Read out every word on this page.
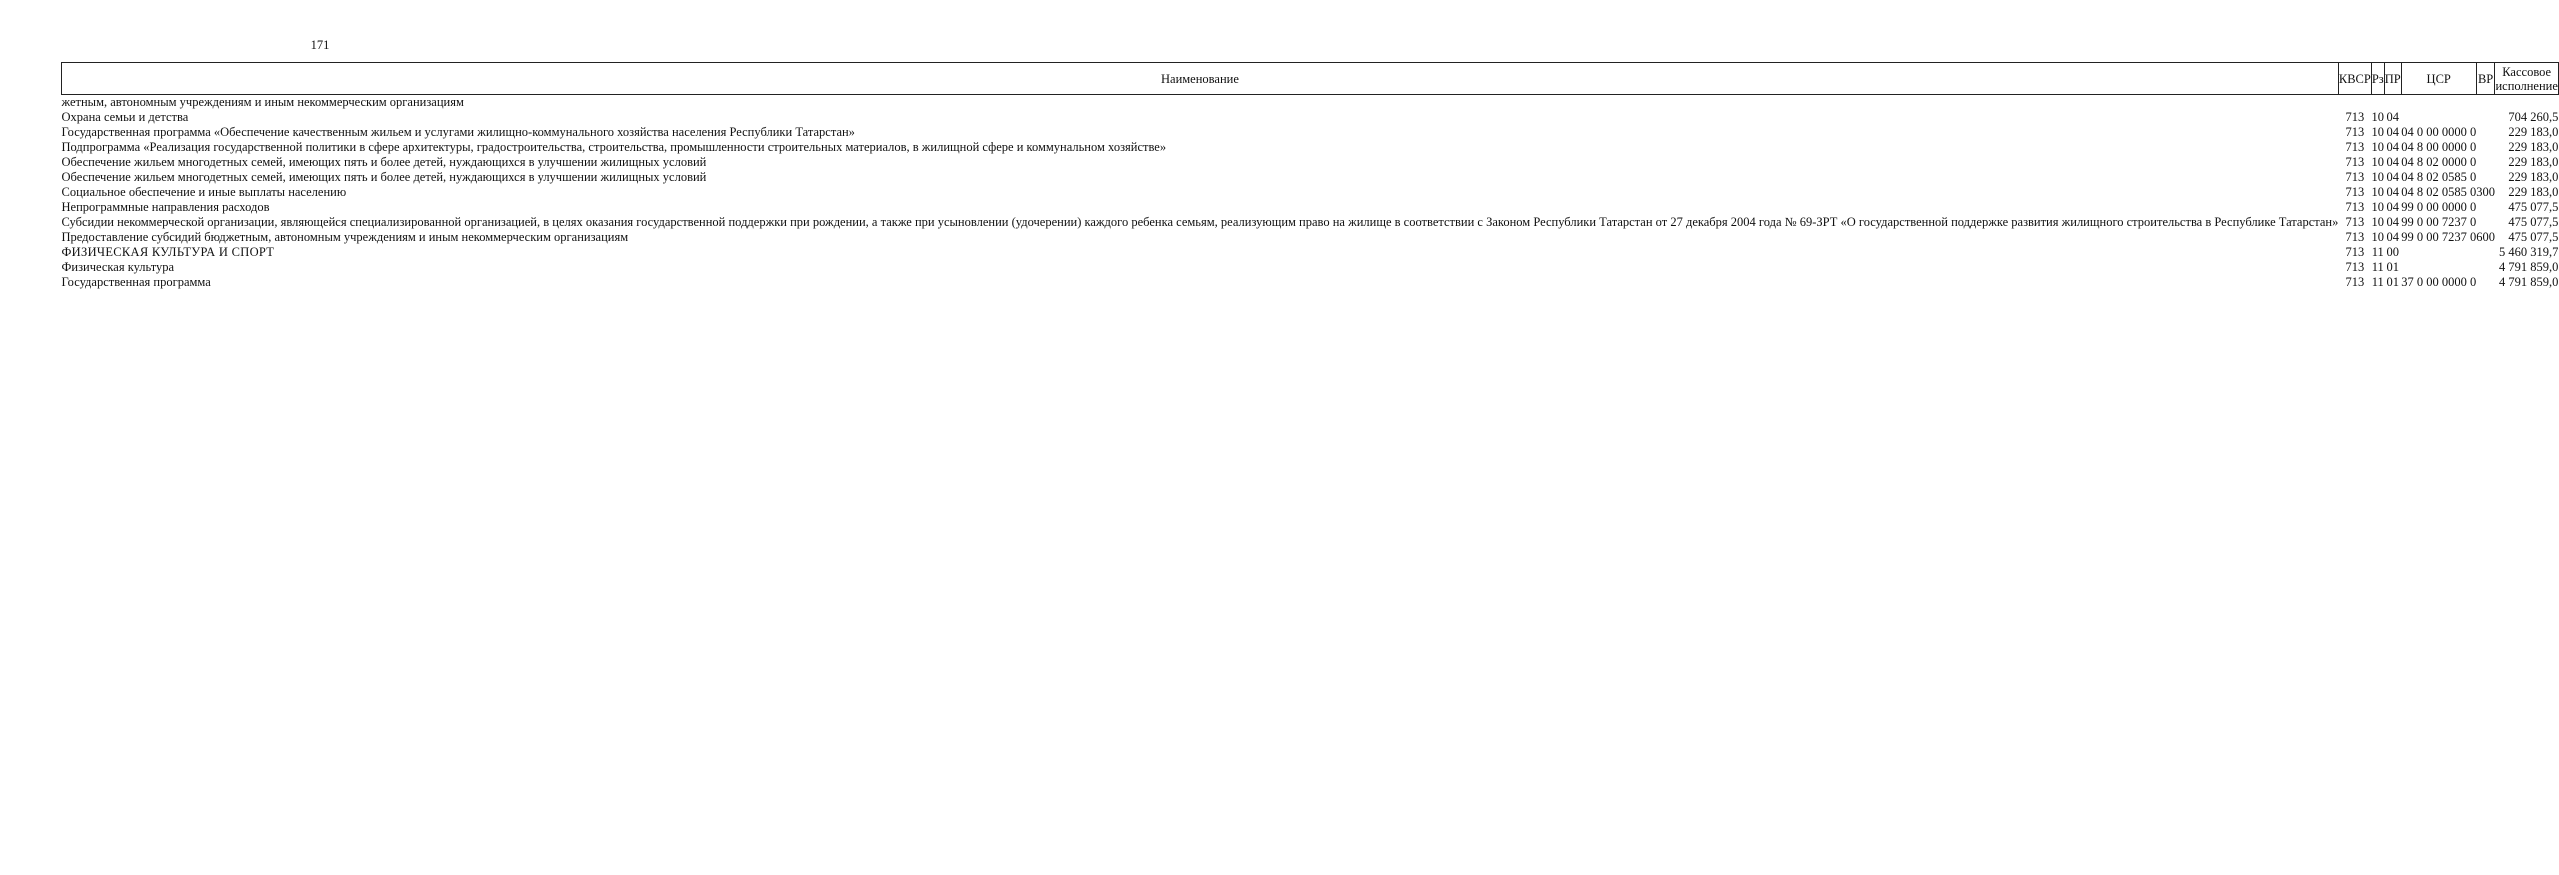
171
Наименование	КВСР	Рз	ПР	ЦСР	ВР	Кассовое исполнение
жетным, автономным учреждениям и иным некоммерческим организациям						
Охрана семьи и детства	713	10	04			704 260,5
Государственная программа «Обеспечение качественным жильем и услугами жилищно-коммунального хозяйства населения Республики Татарстан»	713	10	04	04 0 00 0000 0		229 183,0
Подпрограмма «Реализация государственной политики в сфере архитектуры, градостроительства, строительства, промышленности строительных материалов, в жилищной сфере и коммунальном хозяйстве»	713	10	04	04 8 00 0000 0		229 183,0
Обеспечение жильем многодетных семей, имеющих пять и более детей, нуждающихся в улучшении жилищных условий	713	10	04	04 8 02 0000 0		229 183,0
Обеспечение жильем многодетных семей, имеющих пять и более детей, нуждающихся в улучшении жилищных условий	713	10	04	04 8 02 0585 0		229 183,0
Социальное обеспечение и иные выплаты населению	713	10	04	04 8 02 0585 0	300	229 183,0
Непрограммные направления расходов	713	10	04	99 0 00 0000 0		475 077,5
Субсидии некоммерческой организации, являющейся специализированной организацией, в целях оказания государственной поддержки при рождении, а также при усыновлении (удочерении) каждого ребенка семьям, реализующим право на жилище в соответствии с Законом Республики Татарстан от 27 декабря 2004 года № 69-ЗРТ «О государственной поддержке развития жилищного строительства в Республике Татарстан»	713	10	04	99 0 00 7237 0		475 077,5
Предоставление субсидий бюджетным, автономным учреждениям и иным некоммерческим организациям	713	10	04	99 0 00 7237 0	600	475 077,5
ФИЗИЧЕСКАЯ КУЛЬТУРА И СПОРТ	713	11	00			5 460 319,7
Физическая культура	713	11	01			4 791 859,0
Государственная программа	713	11	01	37 0 00 0000 0		4 791 859,0
